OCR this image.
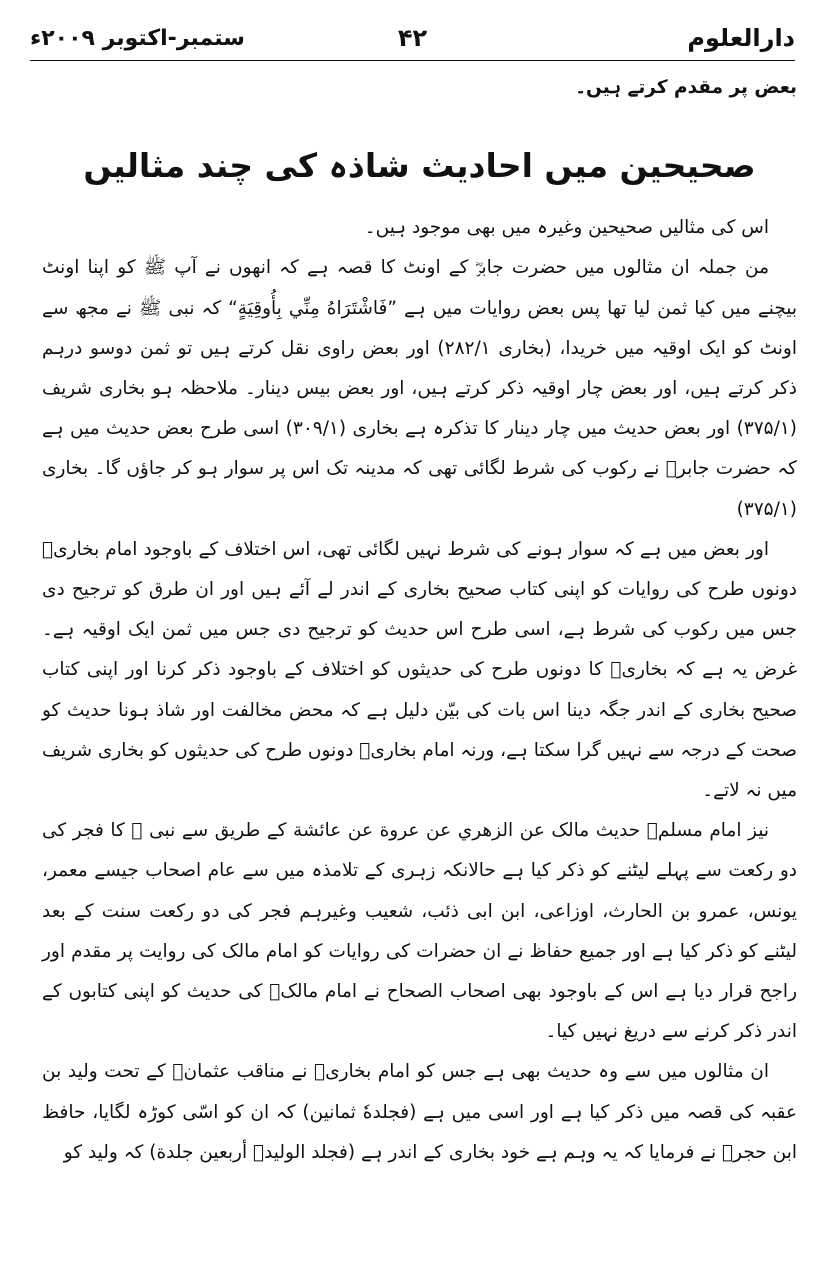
ستمبر-اکتوبر ۲۰۰۹ء	۴۲	دارالعلوم

بعض پر مقدم کرتے ہیں۔

صحیحین میں احادیث شاذہ کی چند مثالیں

اس کی مثالیں صحیحین وغیرہ میں بھی موجود ہیں۔

من جملہ ان مثالوں میں حضرت جابرؓ کے اونٹ کا قصہ ہے کہ انھوں نے آپ ﷺ کو اپنا اونٹ بیچنے میں کیا ثمن لیا تھا پس بعض روایات میں ہے ”فَاشْتَرَاهُ مِنِّي بِأُوقِيَةٍ“ کہ نبی ﷺ نے مجھ سے اونٹ کو ایک اوقیہ میں خریدا، (بخاری ۲۸۲/۱) اور بعض راوی نقل کرتے ہیں تو ثمن دوسو درہم ذکر کرتے ہیں، اور بعض چار اوقیہ ذکر کرتے ہیں، اور بعض بیس دینار۔ ملاحظہ ہو بخاری شریف (۳۷۵/۱) اور بعض حدیث میں چار دینار کا تذکرہ ہے بخاری (۳۰۹/۱) اسی طرح بعض حدیث میں ہے کہ حضرت جابرؓ نے رکوب کی شرط لگائی تھی کہ مدینہ تک اس پر سوار ہو کر جاؤں گا۔ بخاری (۳۷۵/۱)

اور بعض میں ہے کہ سوار ہونے کی شرط نہیں لگائی تھی، اس اختلاف کے باوجود امام بخاریؒ دونوں طرح کی روایات کو اپنی کتاب صحیح بخاری کے اندر لے آئے ہیں اور ان طرق کو ترجیح دی جس میں رکوب کی شرط ہے، اسی طرح اس حدیث کو ترجیح دی جس میں ثمن ایک اوقیہ ہے۔ غرض یہ ہے کہ بخاریؒ کا دونوں طرح کی حدیثوں کو اختلاف کے باوجود ذکر کرنا اور اپنی کتاب صحیح بخاری کے اندر جگہ دینا اس بات کی بیّن دلیل ہے کہ محض مخالفت اور شاذ ہونا حدیث کو صحت کے درجہ سے نہیں گرا سکتا ہے، ورنہ امام بخاریؒ دونوں طرح کی حدیثوں کو بخاری شریف میں نہ لاتے۔

نیز امام مسلمؒ حدیث مالک عن الزهري عن عروة عن عائشة کے طریق سے نبی ﷺ کا فجر کی دو رکعت سے پہلے لیٹنے کو ذکر کیا ہے حالانکہ زہری کے تلامذہ میں سے عام اصحاب جیسے معمر، یونس، عمرو بن الحارث، اوزاعی، ابن ابی ذئب، شعیب وغیرہم فجر کی دو رکعت سنت کے بعد لیٹنے کو ذکر کیا ہے اور جمیع حفاظ نے ان حضرات کی روایات کو امام مالک کی روایت پر مقدم اور راجح قرار دیا ہے اس کے باوجود بھی اصحاب الصحاح نے امام مالکؒ کی حدیث کو اپنی کتابوں کے اندر ذکر کرنے سے دریغ نہیں کیا۔

ان مثالوں میں سے وہ حدیث بھی ہے جس کو امام بخاریؒ نے مناقب عثمانؓ کے تحت ولید بن عقبہ کی قصہ میں ذکر کیا ہے اور اسی میں ہے (فجلدهٗ ثمانين) کہ ان کو اسّی کوڑہ لگایا، حافظ ابن حجرؒ نے فرمایا کہ یہ وہم ہے خود بخاری کے اندر ہے (فجلد الوليدؓ أربعين جلدة) کہ ولید کو
